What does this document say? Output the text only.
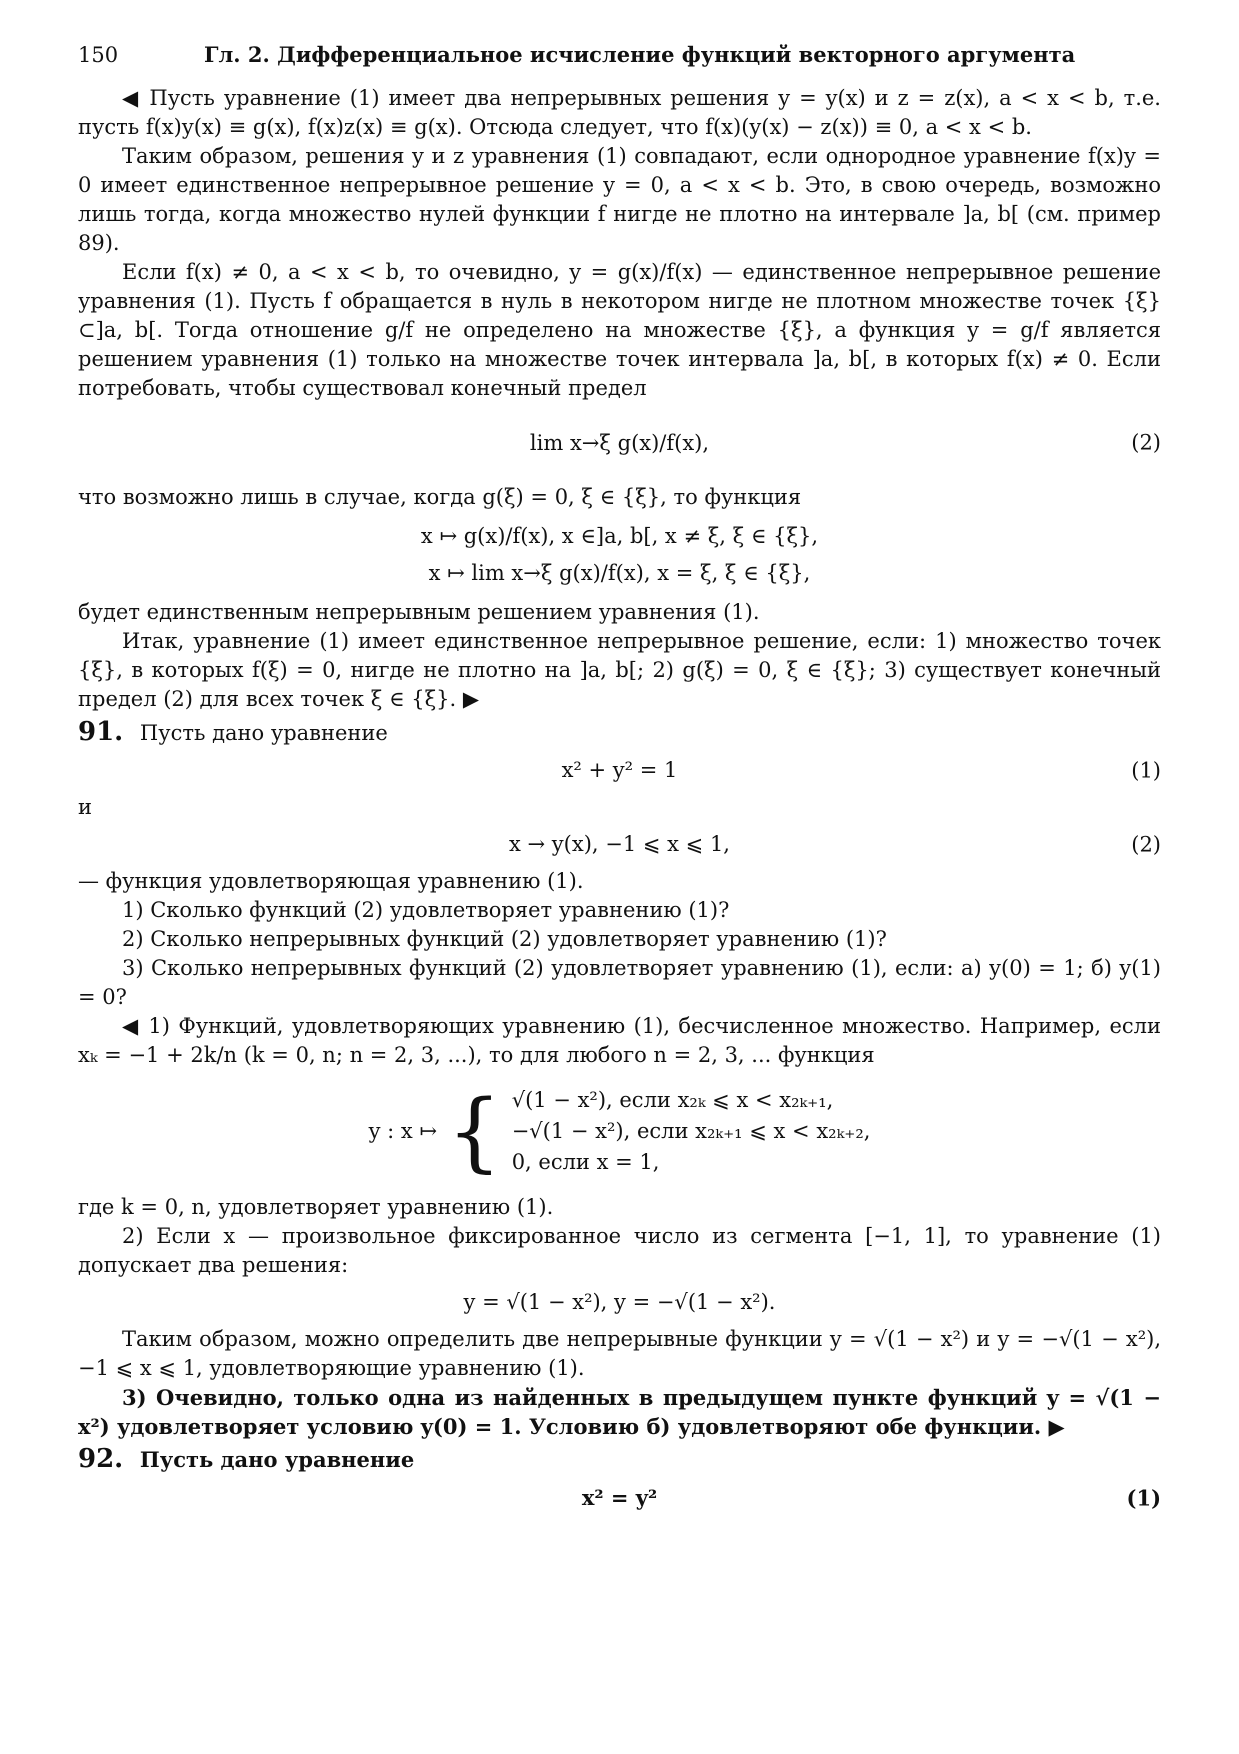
150	Гл. 2. Дифференциальное исчисление функций векторного аргумента

◀ Пусть уравнение (1) имеет два непрерывных решения y = y(x) и z = z(x), a < x < b, т.е. пусть f(x)y(x) ≡ g(x), f(x)z(x) ≡ g(x). Отсюда следует, что f(x)(y(x) − z(x)) ≡ 0, a < x < b.

Таким образом, решения y и z уравнения (1) совпадают, если однородное уравнение f(x)y = 0 имеет единственное непрерывное решение y = 0, a < x < b. Это, в свою очередь, возможно лишь тогда, когда множество нулей функции f нигде не плотно на интервале ]a, b[ (см. пример 89).

Если f(x) ≠ 0, a < x < b, то очевидно, y = g(x)/f(x) — единственное непрерывное решение уравнения (1). Пусть f обращается в нуль в некотором нигде не плотном множестве точек {ξ} ⊂]a, b[. Тогда отношение g/f не определено на множестве {ξ}, а функция y = g/f является решением уравнения (1) только на множестве точек интервала ]a, b[, в которых f(x) ≠ 0. Если потребовать, чтобы существовал конечный предел

lim x→ξ g(x)/f(x),	(2)

что возможно лишь в случае, когда g(ξ) = 0, ξ ∈ {ξ}, то функция

x ↦ g(x)/f(x), x ∈]a, b[, x ≠ ξ, ξ ∈ {ξ},
x ↦ lim x→ξ g(x)/f(x), x = ξ, ξ ∈ {ξ},

будет единственным непрерывным решением уравнения (1).

Итак, уравнение (1) имеет единственное непрерывное решение, если: 1) множество точек {ξ}, в которых f(ξ) = 0, нигде не плотно на ]a, b[; 2) g(ξ) = 0, ξ ∈ {ξ}; 3) существует конечный предел (2) для всех точек ξ ∈ {ξ}. ▶

91. Пусть дано уравнение

x² + y² = 1	(1)

и

x → y(x), −1 ⩽ x ⩽ 1,	(2)

— функция удовлетворяющая уравнению (1).

1) Сколько функций (2) удовлетворяет уравнению (1)?

2) Сколько непрерывных функций (2) удовлетворяет уравнению (1)?

3) Сколько непрерывных функций (2) удовлетворяет уравнению (1), если: а) y(0) = 1; б) y(1) = 0?

◀ 1) Функций, удовлетворяющих уравнению (1), бесчисленное множество. Например, если xₖ = −1 + 2k/n (k = 0, n; n = 2, 3, ...), то для любого n = 2, 3, ... функция

y : x ↦ { √(1 − x²), если x₂ₖ ⩽ x < x₂ₖ₊₁,
−√(1 − x²), если x₂ₖ₊₁ ⩽ x < x₂ₖ₊₂,
0, если x = 1,

где k = 0, n, удовлетворяет уравнению (1).

2) Если x — произвольное фиксированное число из сегмента [−1, 1], то уравнение (1) допускает два решения:

y = √(1 − x²), y = −√(1 − x²).

Таким образом, можно определить две непрерывные функции y = √(1 − x²) и y = −√(1 − x²), −1 ⩽ x ⩽ 1, удовлетворяющие уравнению (1).

3) Очевидно, только одна из найденных в предыдущем пункте функций y = √(1 − x²) удовлетворяет условию y(0) = 1. Условию б) удовлетворяют обе функции. ▶

92. Пусть дано уравнение

x² = y²	(1)
